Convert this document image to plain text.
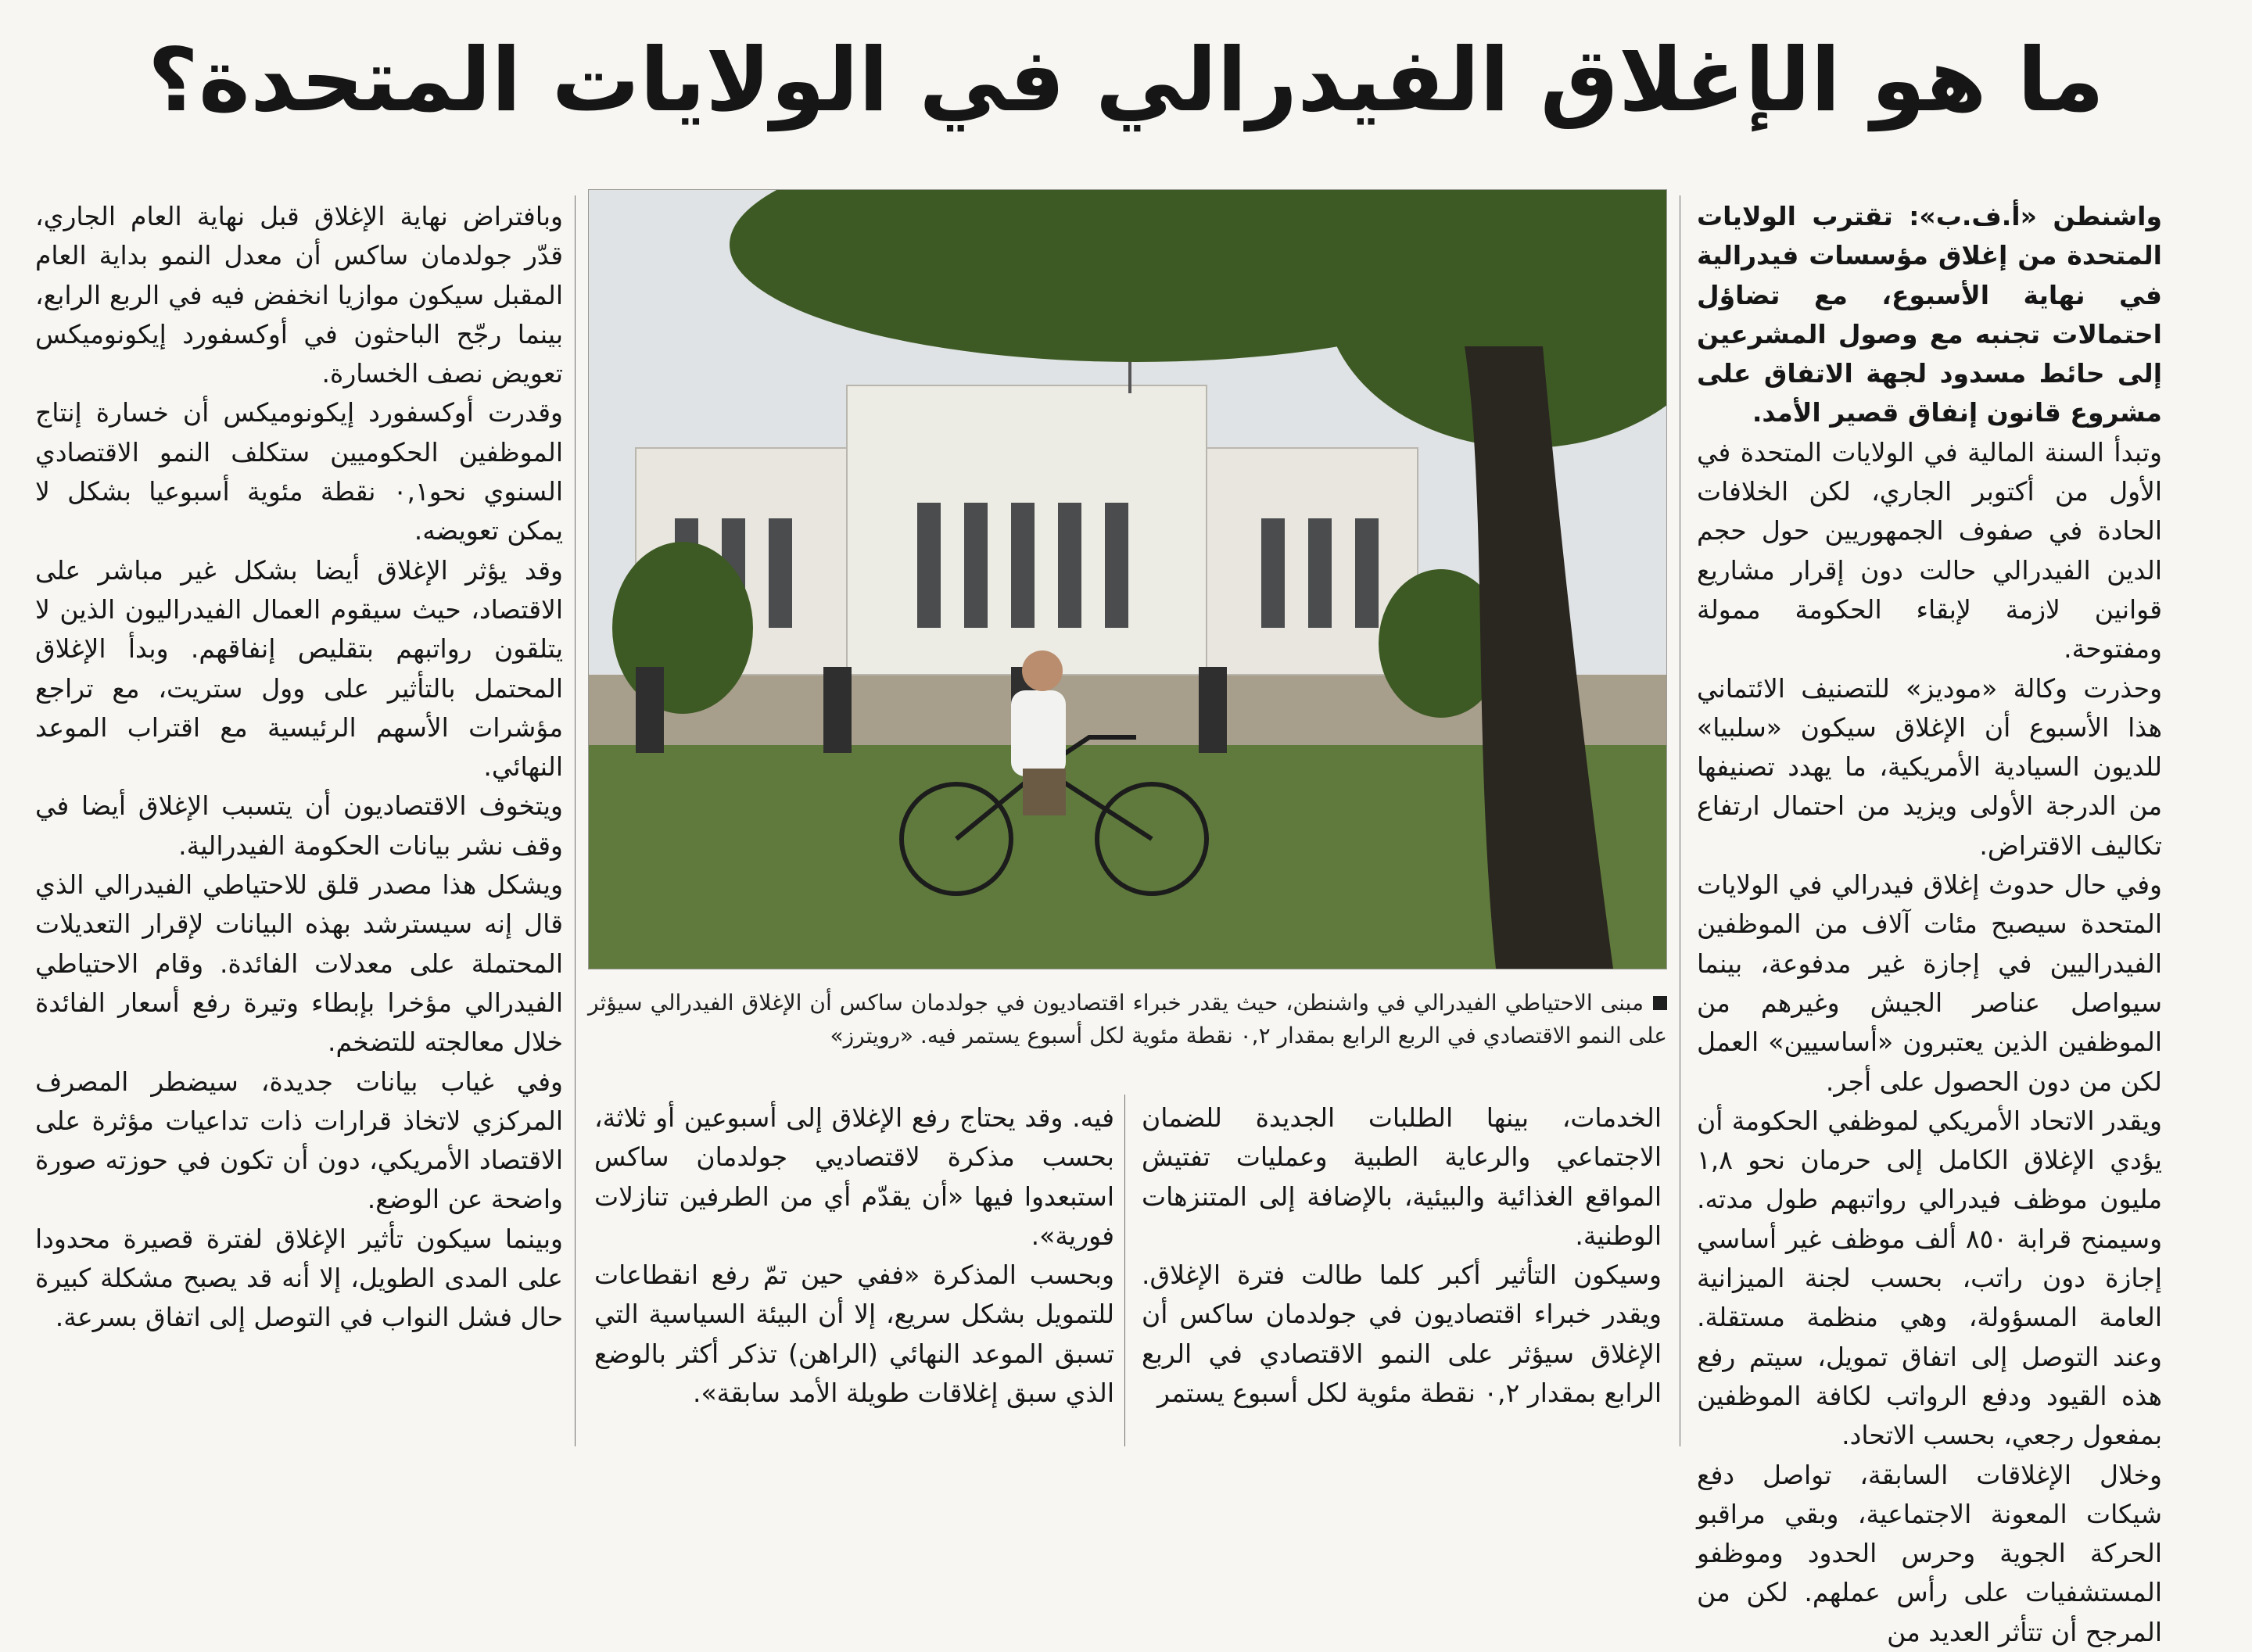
ما هو الإغلاق الفيدرالي في الولايات المتحدة؟

واشنطن «أ.ف.ب»: تقترب الولايات المتحدة من إغلاق مؤسسات فيدرالية في نهاية الأسبوع، مع تضاؤل احتمالات تجنبه مع وصول المشرعين إلى حائط مسدود لجهة الاتفاق على مشروع قانون إنفاق قصير الأمد.

وتبدأ السنة المالية في الولايات المتحدة في الأول من أكتوبر الجاري، لكن الخلافات الحادة في صفوف الجمهوريين حول حجم الدين الفيدرالي حالت دون إقرار مشاريع قوانين لازمة لإبقاء الحكومة ممولة ومفتوحة.

وحذرت وكالة «موديز» للتصنيف الائتماني هذا الأسبوع أن الإغلاق سيكون «سلبيا» للديون السيادية الأمريكية، ما يهدد تصنيفها من الدرجة الأولى ويزيد من احتمال ارتفاع تكاليف الاقتراض.

وفي حال حدوث إغلاق فيدرالي في الولايات المتحدة سيصبح مئات آلاف من الموظفين الفيدراليين في إجازة غير مدفوعة، بينما سيواصل عناصر الجيش وغيرهم من الموظفين الذين يعتبرون «أساسيين» العمل لكن من دون الحصول على أجر.

ويقدر الاتحاد الأمريكي لموظفي الحكومة أن يؤدي الإغلاق الكامل إلى حرمان نحو ١,٨ مليون موظف فيدرالي رواتبهم طول مدته. وسيمنح قرابة ٨٥٠ ألف موظف غير أساسي إجازة دون راتب، بحسب لجنة الميزانية العامة المسؤولة، وهي منظمة مستقلة. وعند التوصل إلى اتفاق تمويل، سيتم رفع هذه القيود ودفع الرواتب لكافة الموظفين بمفعول رجعي، بحسب الاتحاد.

وخلال الإغلاقات السابقة، تواصل دفع شيكات المعونة الاجتماعية، وبقي مراقبو الحركة الجوية وحرس الحدود وموظفو المستشفيات على رأس عملهم. لكن من المرجح أن تتأثر العديد من

مبنى الاحتياطي الفيدرالي في واشنطن، حيث يقدر خبراء اقتصاديون في جولدمان ساكس أن الإغلاق الفيدرالي سيؤثر على النمو الاقتصادي في الربع الرابع بمقدار ٠,٢ نقطة مئوية لكل أسبوع يستمر فيه. «رويترز»

وبافتراض نهاية الإغلاق قبل نهاية العام الجاري، قدّر جولدمان ساكس أن معدل النمو بداية العام المقبل سيكون موازيا انخفض فيه في الربع الرابع، بينما رجّح الباحثون في أوكسفورد إيكونوميكس تعويض نصف الخسارة.

وقدرت أوكسفورد إيكونوميكس أن خسارة إنتاج الموظفين الحكوميين ستكلف النمو الاقتصادي السنوي نحو٠,١ نقطة مئوية أسبوعيا بشكل لا يمكن تعويضه.

وقد يؤثر الإغلاق أيضا بشكل غير مباشر على الاقتصاد، حيث سيقوم العمال الفيدراليون الذين لا يتلقون رواتبهم بتقليص إنفاقهم. وبدأ الإغلاق المحتمل بالتأثير على وول ستريت، مع تراجع مؤشرات الأسهم الرئيسية مع اقتراب الموعد النهائي.

ويتخوف الاقتصاديون أن يتسبب الإغلاق أيضا في وقف نشر بيانات الحكومة الفيدرالية.

ويشكل هذا مصدر قلق للاحتياطي الفيدرالي الذي قال إنه سيسترشد بهذه البيانات لإقرار التعديلات المحتملة على معدلات الفائدة. وقام الاحتياطي الفيدرالي مؤخرا بإبطاء وتيرة رفع أسعار الفائدة خلال معالجته للتضخم.

وفي غياب بيانات جديدة، سيضطر المصرف المركزي لاتخاذ قرارات ذات تداعيات مؤثرة على الاقتصاد الأمريكي، دون أن تكون في حوزته صورة واضحة عن الوضع.

وبينما سيكون تأثير الإغلاق لفترة قصيرة محدودا على المدى الطويل، إلا أنه قد يصبح مشكلة كبيرة حال فشل النواب في التوصل إلى اتفاق بسرعة.

الخدمات، بينها الطلبات الجديدة للضمان الاجتماعي والرعاية الطبية وعمليات تفتيش المواقع الغذائية والبيئية، بالإضافة إلى المتنزهات الوطنية.

وسيكون التأثير أكبر كلما طالت فترة الإغلاق. ويقدر خبراء اقتصاديون في جولدمان ساكس أن الإغلاق سيؤثر على النمو الاقتصادي في الربع الرابع بمقدار ٠,٢ نقطة مئوية لكل أسبوع يستمر

فيه. وقد يحتاج رفع الإغلاق إلى أسبوعين أو ثلاثة، بحسب مذكرة لاقتصاديي جولدمان ساكس استبعدوا فيها «أن يقدّم أي من الطرفين تنازلات فورية».

وبحسب المذكرة «ففي حين تمّ رفع انقطاعات للتمويل بشكل سريع، إلا أن البيئة السياسية التي تسبق الموعد النهائي (الراهن) تذكر أكثر بالوضع الذي سبق إغلاقات طويلة الأمد سابقة».
